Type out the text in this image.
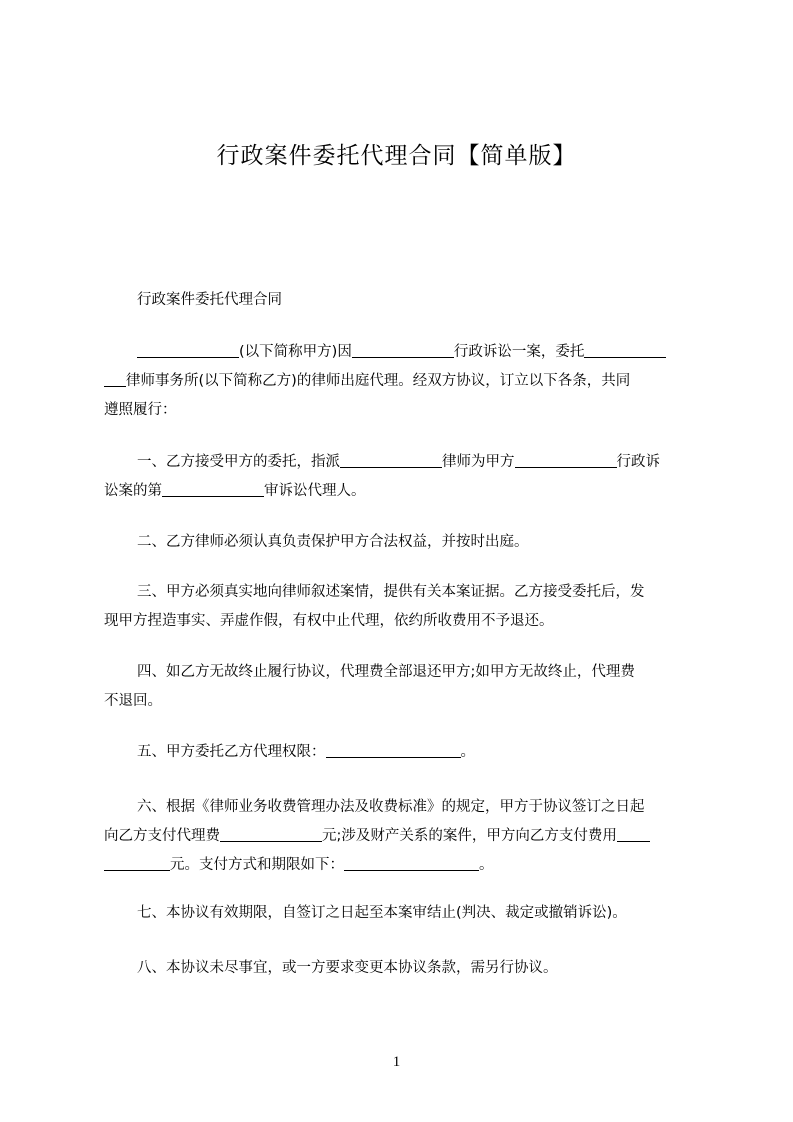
行政案件委托代理合同【简单版】
行政案件委托代理合同
(以下简称甲方)因	行政诉讼一案，委托
律师事务所(以下简称乙方)的律师出庭代理。经双方协议，订立以下各条，共同
遵照履行：
一、乙方接受甲方的委托，指派	律师为甲方	行政诉
讼案的第	审诉讼代理人。
二、乙方律师必须认真负责保护甲方合法权益，并按时出庭。
三、甲方必须真实地向律师叙述案情，提供有关本案证据。乙方接受委托后，发
现甲方捏造事实、弄虚作假，有权中止代理，依约所收费用不予退还。
四、如乙方无故终止履行协议，代理费全部退还甲方;如甲方无故终止，代理费
不退回。
五、甲方委托乙方代理权限：	。
六、根据《律师业务收费管理办法及收费标准》的规定，甲方于协议签订之日起
向乙方支付代理费	元;涉及财产关系的案件，甲方向乙方支付费用
元。支付方式和期限如下：	。
七、本协议有效期限，自签订之日起至本案审结止(判决、裁定或撤销诉讼)。
八、本协议未尽事宜，或一方要求变更本协议条款，需另行协议。
1
